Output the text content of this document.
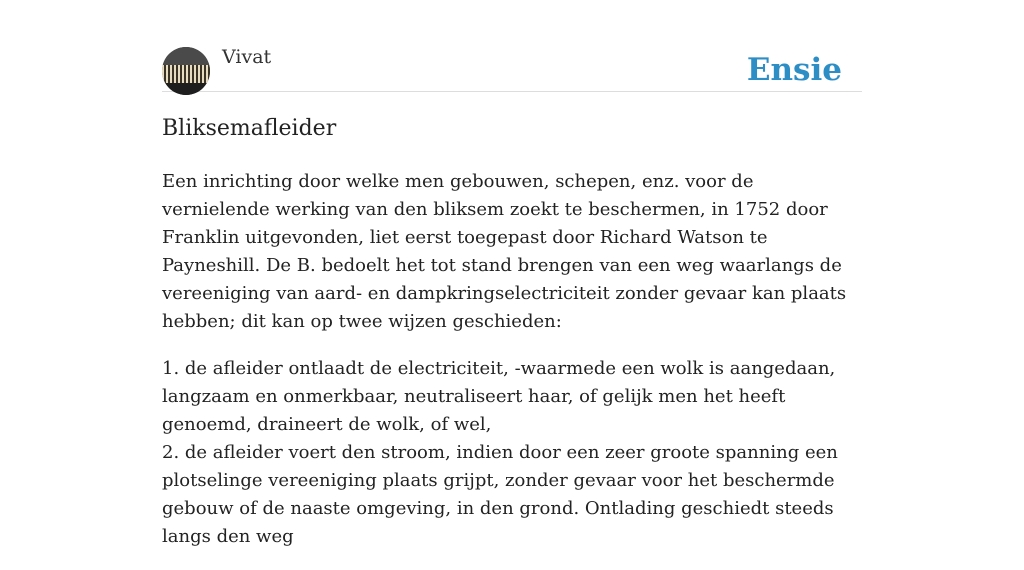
Vivat	Ensie
Bliksemafleider

Een inrichting door welke men gebouwen, schepen, enz. voor de vernielende werking van den bliksem zoekt te beschermen, in 1752 door Franklin uitgevonden, liet eerst toegepast door Richard Watson te Payneshill. De B. bedoelt het tot stand brengen van een weg waarlangs de vereeniging van aard- en dampkringselectriciteit zonder gevaar kan plaats hebben; dit kan op twee wijzen geschieden:

1. de afleider ontlaadt de electriciteit, -waarmede een wolk is aangedaan, langzaam en onmerkbaar, neutraliseert haar, of gelijk men het heeft genoemd, draineert de wolk, of wel,
2. de afleider voert den stroom, indien door een zeer groote spanning een plotselinge vereeniging plaats grijpt, zonder gevaar voor het beschermde gebouw of de naaste omgeving, in den grond. Ontlading geschiedt steeds langs den weg
